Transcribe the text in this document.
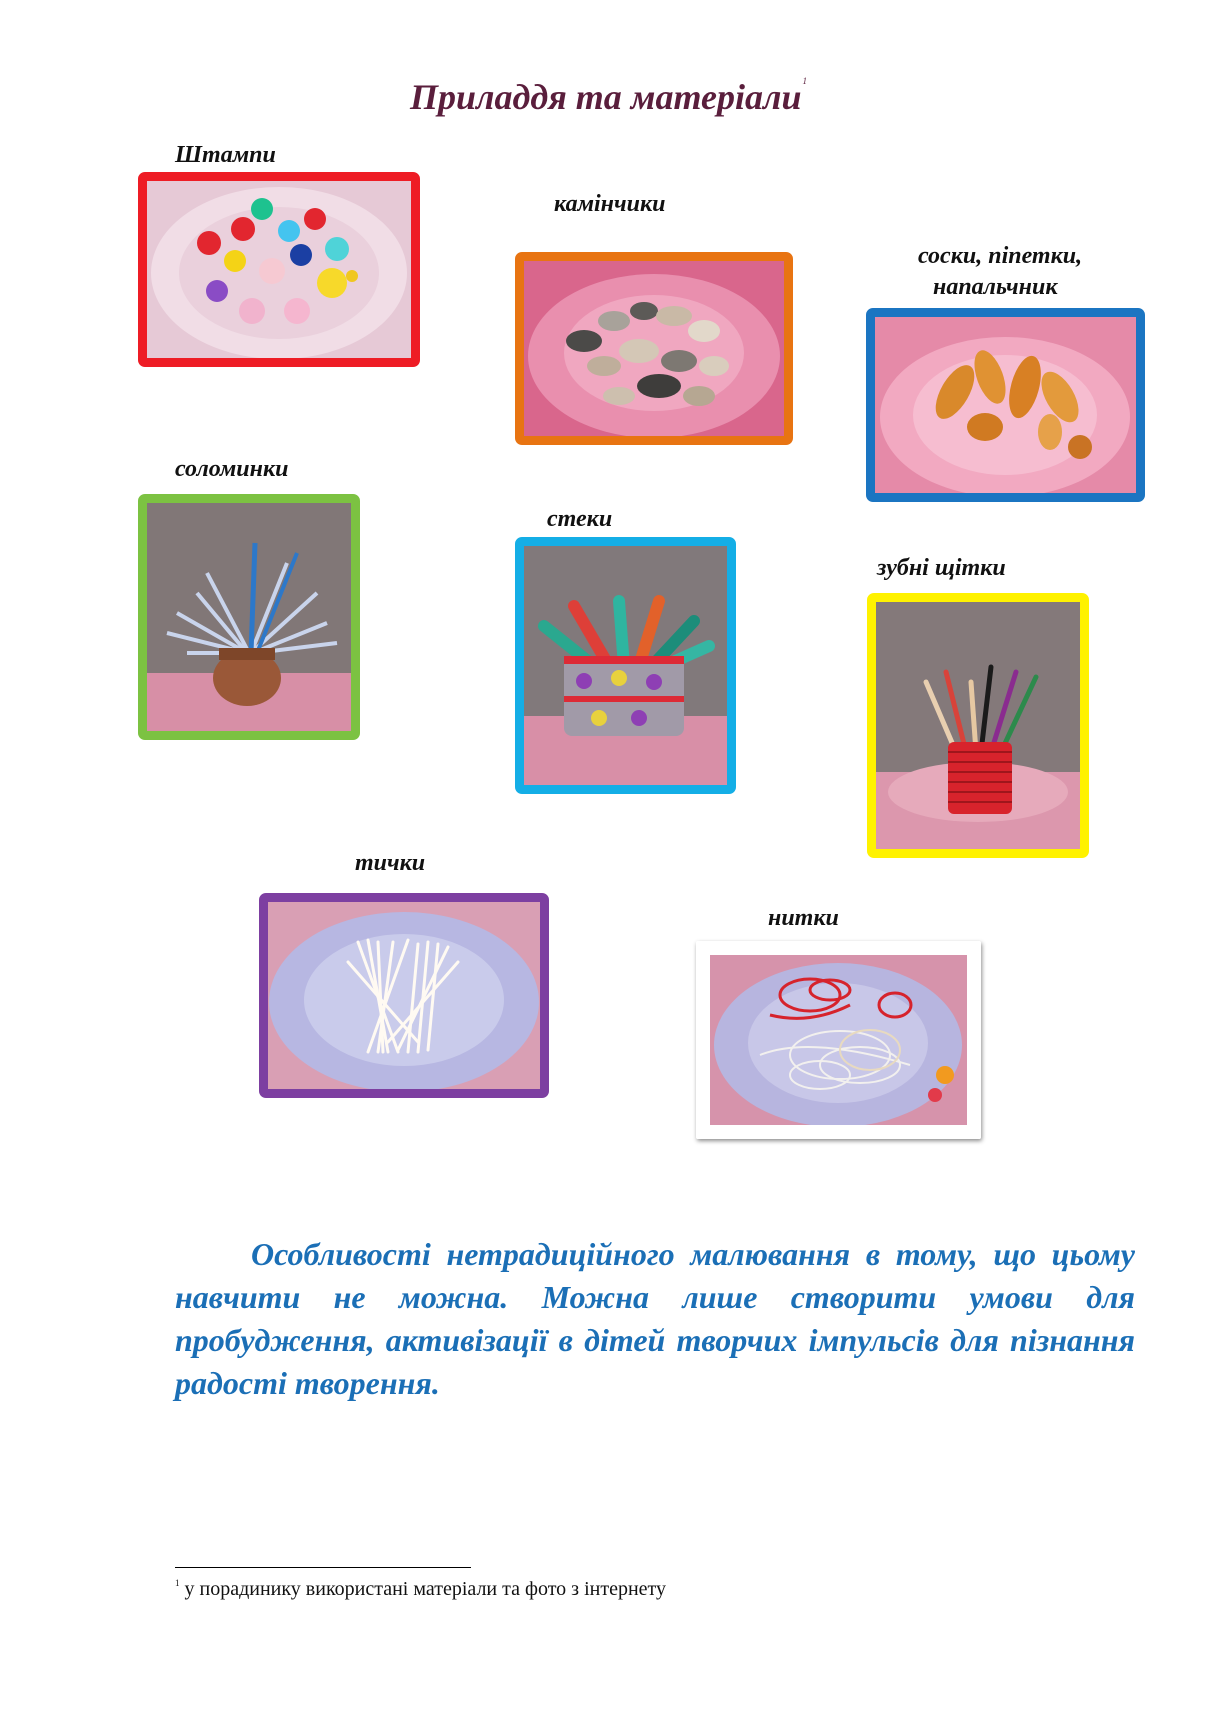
Приладдя та матеріали$^1$
Штампи
камінчики
соски, піпетки,
напальчник
соломинки
стеки
зубні щітки
тички
нитки

Особливості нетрадиційного малювання в тому, що цьому навчити не можна. Можна лише створити умови для пробудження, активізації в дітей творчих імпульсів для пізнання радості творення.

$^1$ у порадинику використані матеріали та фото з інтернету
